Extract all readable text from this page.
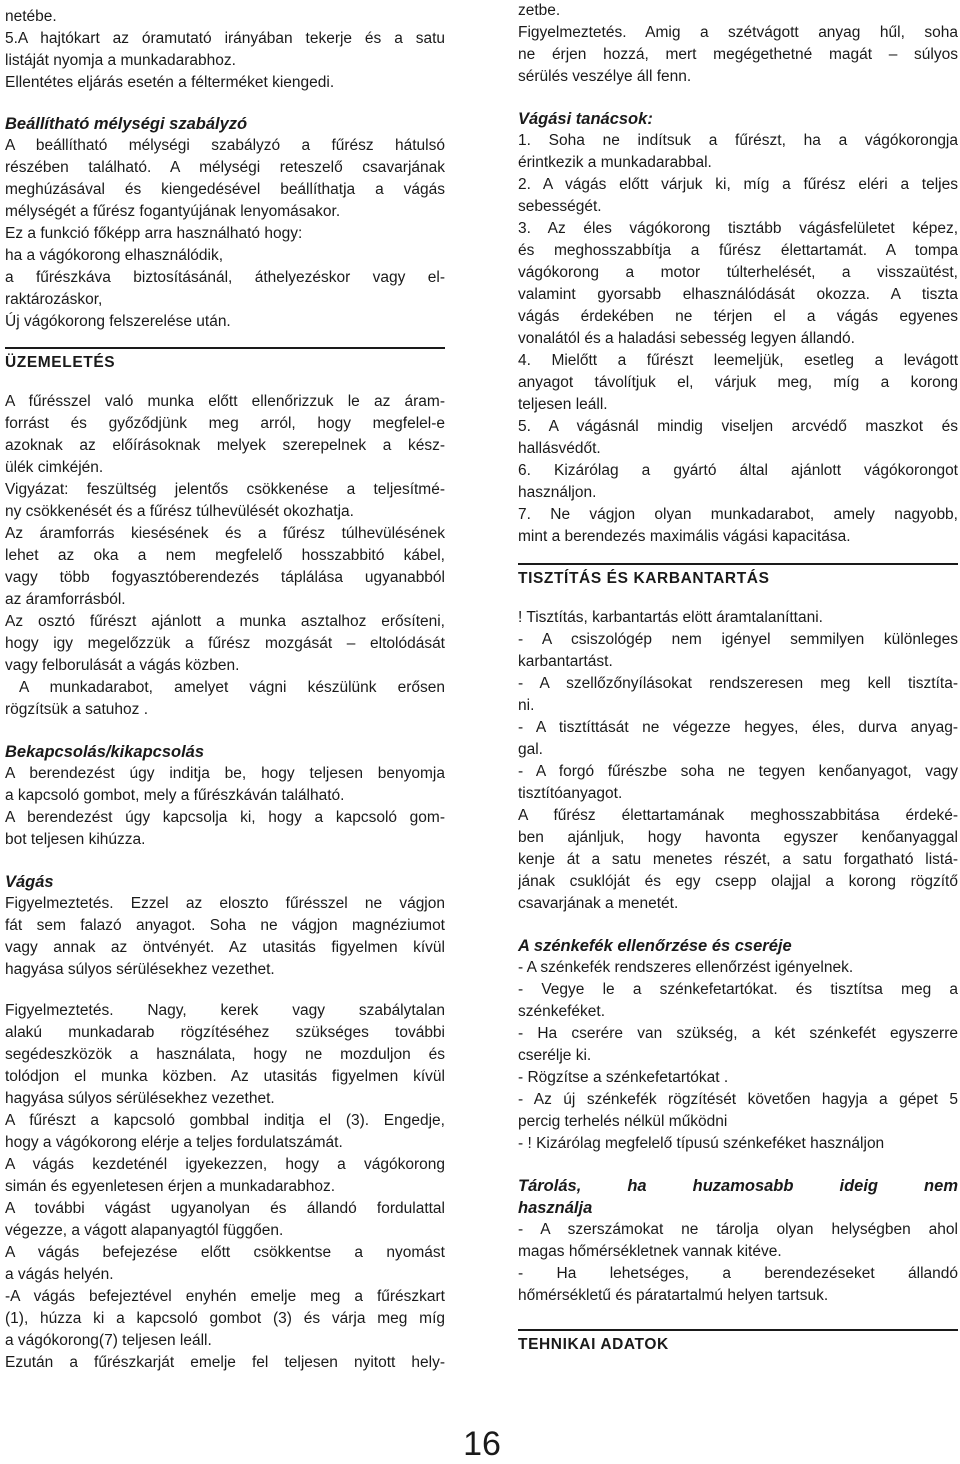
netébe.
5.A hajtókart az óramutató irányában tekerje és a satu
listáját nyomja a munkadarabhoz.
Ellentétes eljárás esetén a félterméket kiengedi.
Beállítható mélységi szabályzó
A beállítható mélységi szabályzó a fűrész hátulsó
részében található. A mélységi reteszelő csavarjának
meghúzásával és kiengedésével beállíthatja a vágás
mélységét a fűrész fogantyújának lenyomásakor.
Ez a funkció főképp arra használható hogy:
ha a vágókorong elhasználódik,
a fűrészkáva biztosításánál, áthelyezéskor vagy el-
raktározáskor,
Új vágókorong felszerelése után.
ÜZEMELETÉS
A fűrésszel való munka előtt ellenőrizzuk le az áram-
forrást és győződjünk meg arról, hogy megfelel-e
azoknak az előírásoknak melyek szerepelnek a kész-
ülék cimkéjén.
Vigyázat: feszültség jelentős csökkenése a teljesítmé-
ny csökkenését és a fűrész túlhevülését okozhatja.
Az áramforrás kiesésének és a fűrész túlhevülésének
lehet az oka a nem megfelelő hosszabbitó kábel,
vagy több fogyasztóberendezés táplálása ugyanabból
az áramforrásból.
Az osztó fűrészt ajánlott a munka asztalhoz erősíteni,
hogy igy megelőzzük a fűrész mozgását – eltolódását
vagy felborulását a vágás közben.
A munkadarabot, amelyet vágni készülünk erősen
rögzítsük a satuhoz .
Bekapcsolás/kikapcsolás
A berendezést úgy inditja be, hogy teljesen benyomja
a kapcsoló gombot, mely a fűrészkáván található.
A berendezést úgy kapcsolja ki, hogy a kapcsoló gom-
bot teljesen kihúzza.
Vágás
Figyelmeztetés. Ezzel az eloszto fűrésszel ne vágjon
fát sem falazó anyagot. Soha ne vágjon magnéziumot
vagy annak az öntvényét. Az utasitás figyelmen kívül
hagyása súlyos sérülésekhez vezethet.
Figyelmeztetés. Nagy, kerek vagy szabálytalan
alakú munkadarab rögzítéséhez szükséges további
segédeszközök a használata, hogy ne mozduljon és
tolódjon el munka közben. Az utasitás figyelmen kívül
hagyása súlyos sérülésekhez vezethet.
A fűrészt a kapcsoló gombbal inditja el (3). Engedje,
hogy a vágókorong elérje a teljes fordulatszámát.
A vágás kezdeténél igyekezzen, hogy a vágókorong
simán és egyenletesen érjen a munkadarabhoz.
A további vágást ugyanolyan és állandó fordulattal
végezze, a vágott alapanyagtól függően.
A vágás befejezése előtt csökkentse a nyomást
a vágás helyén.
-A vágás befejeztével enyhén emelje meg a fűrészkart
(1), húzza ki a kapcsoló gombot (3) és várja meg míg
a vágókorong(7) teljesen leáll.
Ezután a fűrészkarját emelje fel teljesen nyitott hely-
zetbe.
Figyelmeztetés. Amig a szétvágott anyag hűl, soha
ne érjen hozzá, mert megégethetné magát – súlyos
sérülés veszélye áll fenn.
Vágási tanácsok:
1. Soha ne indítsuk a fűrészt, ha a vágókorongja
érintkezik a munkadarabbal.
2. A vágás előtt várjuk ki, míg a fűrész eléri a teljes
sebességét.
3. Az éles vágókorong tisztább vágásfelületet képez,
és meghosszabbítja a fűrész élettartamát. A tompa
vágókorong a motor túlterhelését, a visszaütést,
valamint gyorsabb elhasználódását okozza. A tiszta
vágás érdekében ne térjen el a vágás egyenes
vonalától és a haladási sebesség legyen állandó.
4. Mielőtt a fűrészt leemeljük, esetleg a levágott
anyagot távolítjuk el, várjuk meg, míg a korong
teljesen leáll.
5. A vágásnál mindig viseljen arcvédő maszkot és
hallásvédőt.
6. Kizárólag a gyártó által ajánlott vágókorongot
használjon.
7. Ne vágjon olyan munkadarabot, amely nagyobb,
mint a berendezés maximális vágási kapacitása.
TISZTÍTÁS ÉS KARBANTARTÁS
! Tisztítás, karbantartás elött áramtalaníttani.
- A csiszológép nem igényel semmilyen különleges
karbantartást.
- A szellőzőnyílásokat rendszeresen meg kell tisztíta-
ni.
- A tisztíttását ne végezze hegyes, éles, durva anyag-
gal.
- A forgó fűrészbe soha ne tegyen kenőanyagot, vagy
tisztítóanyagot.
A fűrész élettartamának meghosszabbitása érdeké-
ben ajánljuk, hogy havonta egyszer kenőanyaggal
kenje át a satu menetes részét, a satu forgatható listá-
jának csuklóját és egy csepp olajjal a korong rögzítő
csavarjának a menetét.
A szénkefék ellenőrzése és cseréje
- A szénkefék rendszeres ellenőrzést igényelnek.
- Vegye le a szénkefetartókat. és tisztítsa meg a
szénkeféket.
- Ha cserére van szükség, a két szénkefét egyszerre
cserélje ki.
- Rögzítse a szénkefetartókat .
- Az új szénkefék rögzítését követően hagyja a gépet 5
percig terhelés nélkül működni
- ! Kizárólag megfelelő típusú szénkeféket használjon
Tárolás, ha huzamosabb ideig nem
használja
- A szerszámokat ne tárolja olyan helységben ahol
magas hőmérsékletnek vannak kitéve.
- Ha lehetséges, a berendezéseket állandó
hőmérsékletű és páratartalmú helyen tartsuk.
TEHNIKAI ADATOK
16
